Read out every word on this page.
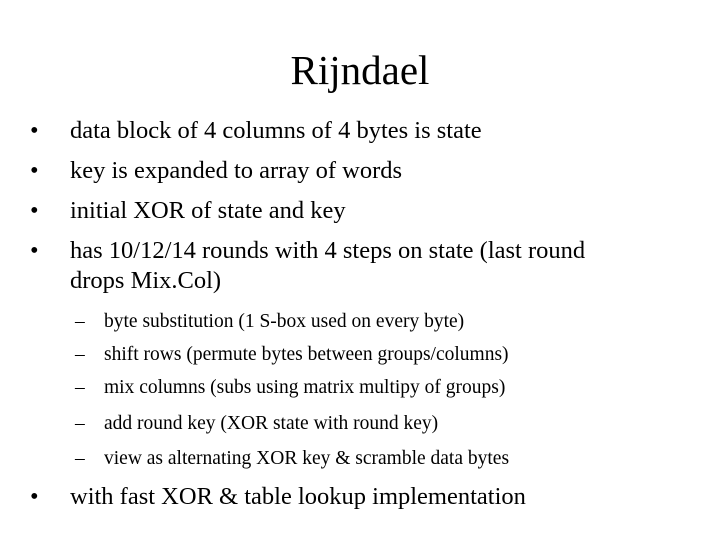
Rijndael
• data block of 4 columns of 4 bytes is state
• key is expanded to array of words
• initial XOR of state and key
• has 10/12/14 rounds with 4 steps on state (last round
drops Mix.Col)
– byte substitution (1 S-box used on every byte)
– shift rows (permute bytes between groups/columns)
– mix columns (subs using matrix multipy of groups)
– add round key (XOR state with round key)
– view as alternating XOR key & scramble data bytes
• with fast XOR & table lookup implementation
